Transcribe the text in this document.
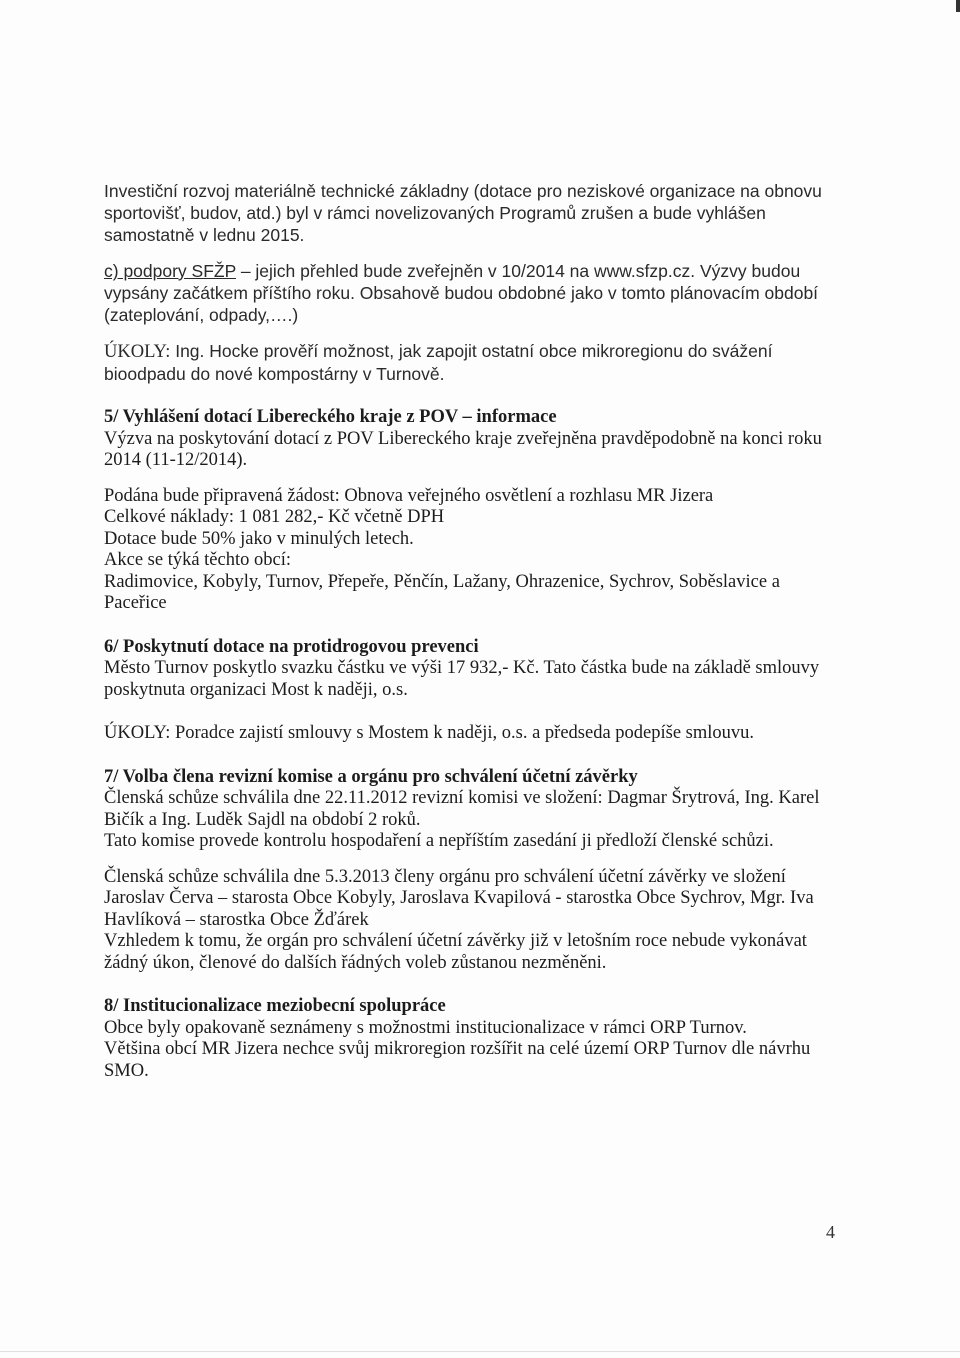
Investiční rozvoj materiálně technické základny (dotace pro neziskové organizace na obnovu

sportovišť, budov, atd.) byl v rámci novelizovaných Programů zrušen a bude vyhlášen

samostatně v lednu 2015.

c) podpory SFŽP – jejich přehled bude zveřejněn v 10/2014 na www.sfzp.cz. Výzvy budou

vypsány začátkem příštího roku. Obsahově budou obdobné jako v tomto plánovacím období

(zateplování, odpady,….)

ÚKOLY: Ing. Hocke prověří možnost, jak zapojit ostatní obce mikroregionu do svážení

bioodpadu do nové kompostárny v Turnově.

5/ Vyhlášení dotací Libereckého kraje z POV – informace

Výzva na poskytování dotací z POV Libereckého kraje zveřejněna pravděpodobně na konci roku

2014 (11-12/2014).

Podána bude připravená žádost: Obnova veřejného osvětlení a rozhlasu MR Jizera

Celkové náklady: 1 081 282,- Kč včetně DPH

Dotace bude 50% jako v minulých letech.

Akce se týká těchto obcí:

Radimovice, Kobyly, Turnov, Přepeře, Pěnčín, Lažany, Ohrazenice, Sychrov, Soběslavice a

Paceřice

6/ Poskytnutí dotace na protidrogovou prevenci

Město Turnov poskytlo svazku částku ve výši 17 932,- Kč. Tato částka bude na základě smlouvy

poskytnuta organizaci Most k naději, o.s.

ÚKOLY: Poradce zajistí smlouvy s Mostem k naději, o.s. a předseda podepíše smlouvu.

7/ Volba člena revizní komise a orgánu pro schválení účetní závěrky

Členská schůze schválila dne 22.11.2012 revizní komisi ve složení: Dagmar Šrytrová, Ing. Karel

Bičík a Ing. Luděk Sajdl na období 2 roků.

Tato komise provede kontrolu hospodaření a nepříštím zasedání ji předloží členské schůzi.

Členská schůze schválila dne 5.3.2013 členy orgánu pro schválení účetní závěrky ve složení

Jaroslav Červa – starosta Obce Kobyly, Jaroslava Kvapilová - starostka Obce Sychrov, Mgr. Iva

Havlíková – starostka Obce Žďárek

Vzhledem k tomu, že orgán pro schválení účetní závěrky již v letošním roce nebude vykonávat

žádný úkon, členové do dalších řádných voleb zůstanou nezměněni.

8/ Institucionalizace meziobecní spolupráce

Obce byly opakovaně seznámeny s možnostmi institucionalizace v rámci ORP Turnov.

Většina obcí MR Jizera nechce svůj mikroregion rozšířit na celé území ORP Turnov dle návrhu

SMO.

4
